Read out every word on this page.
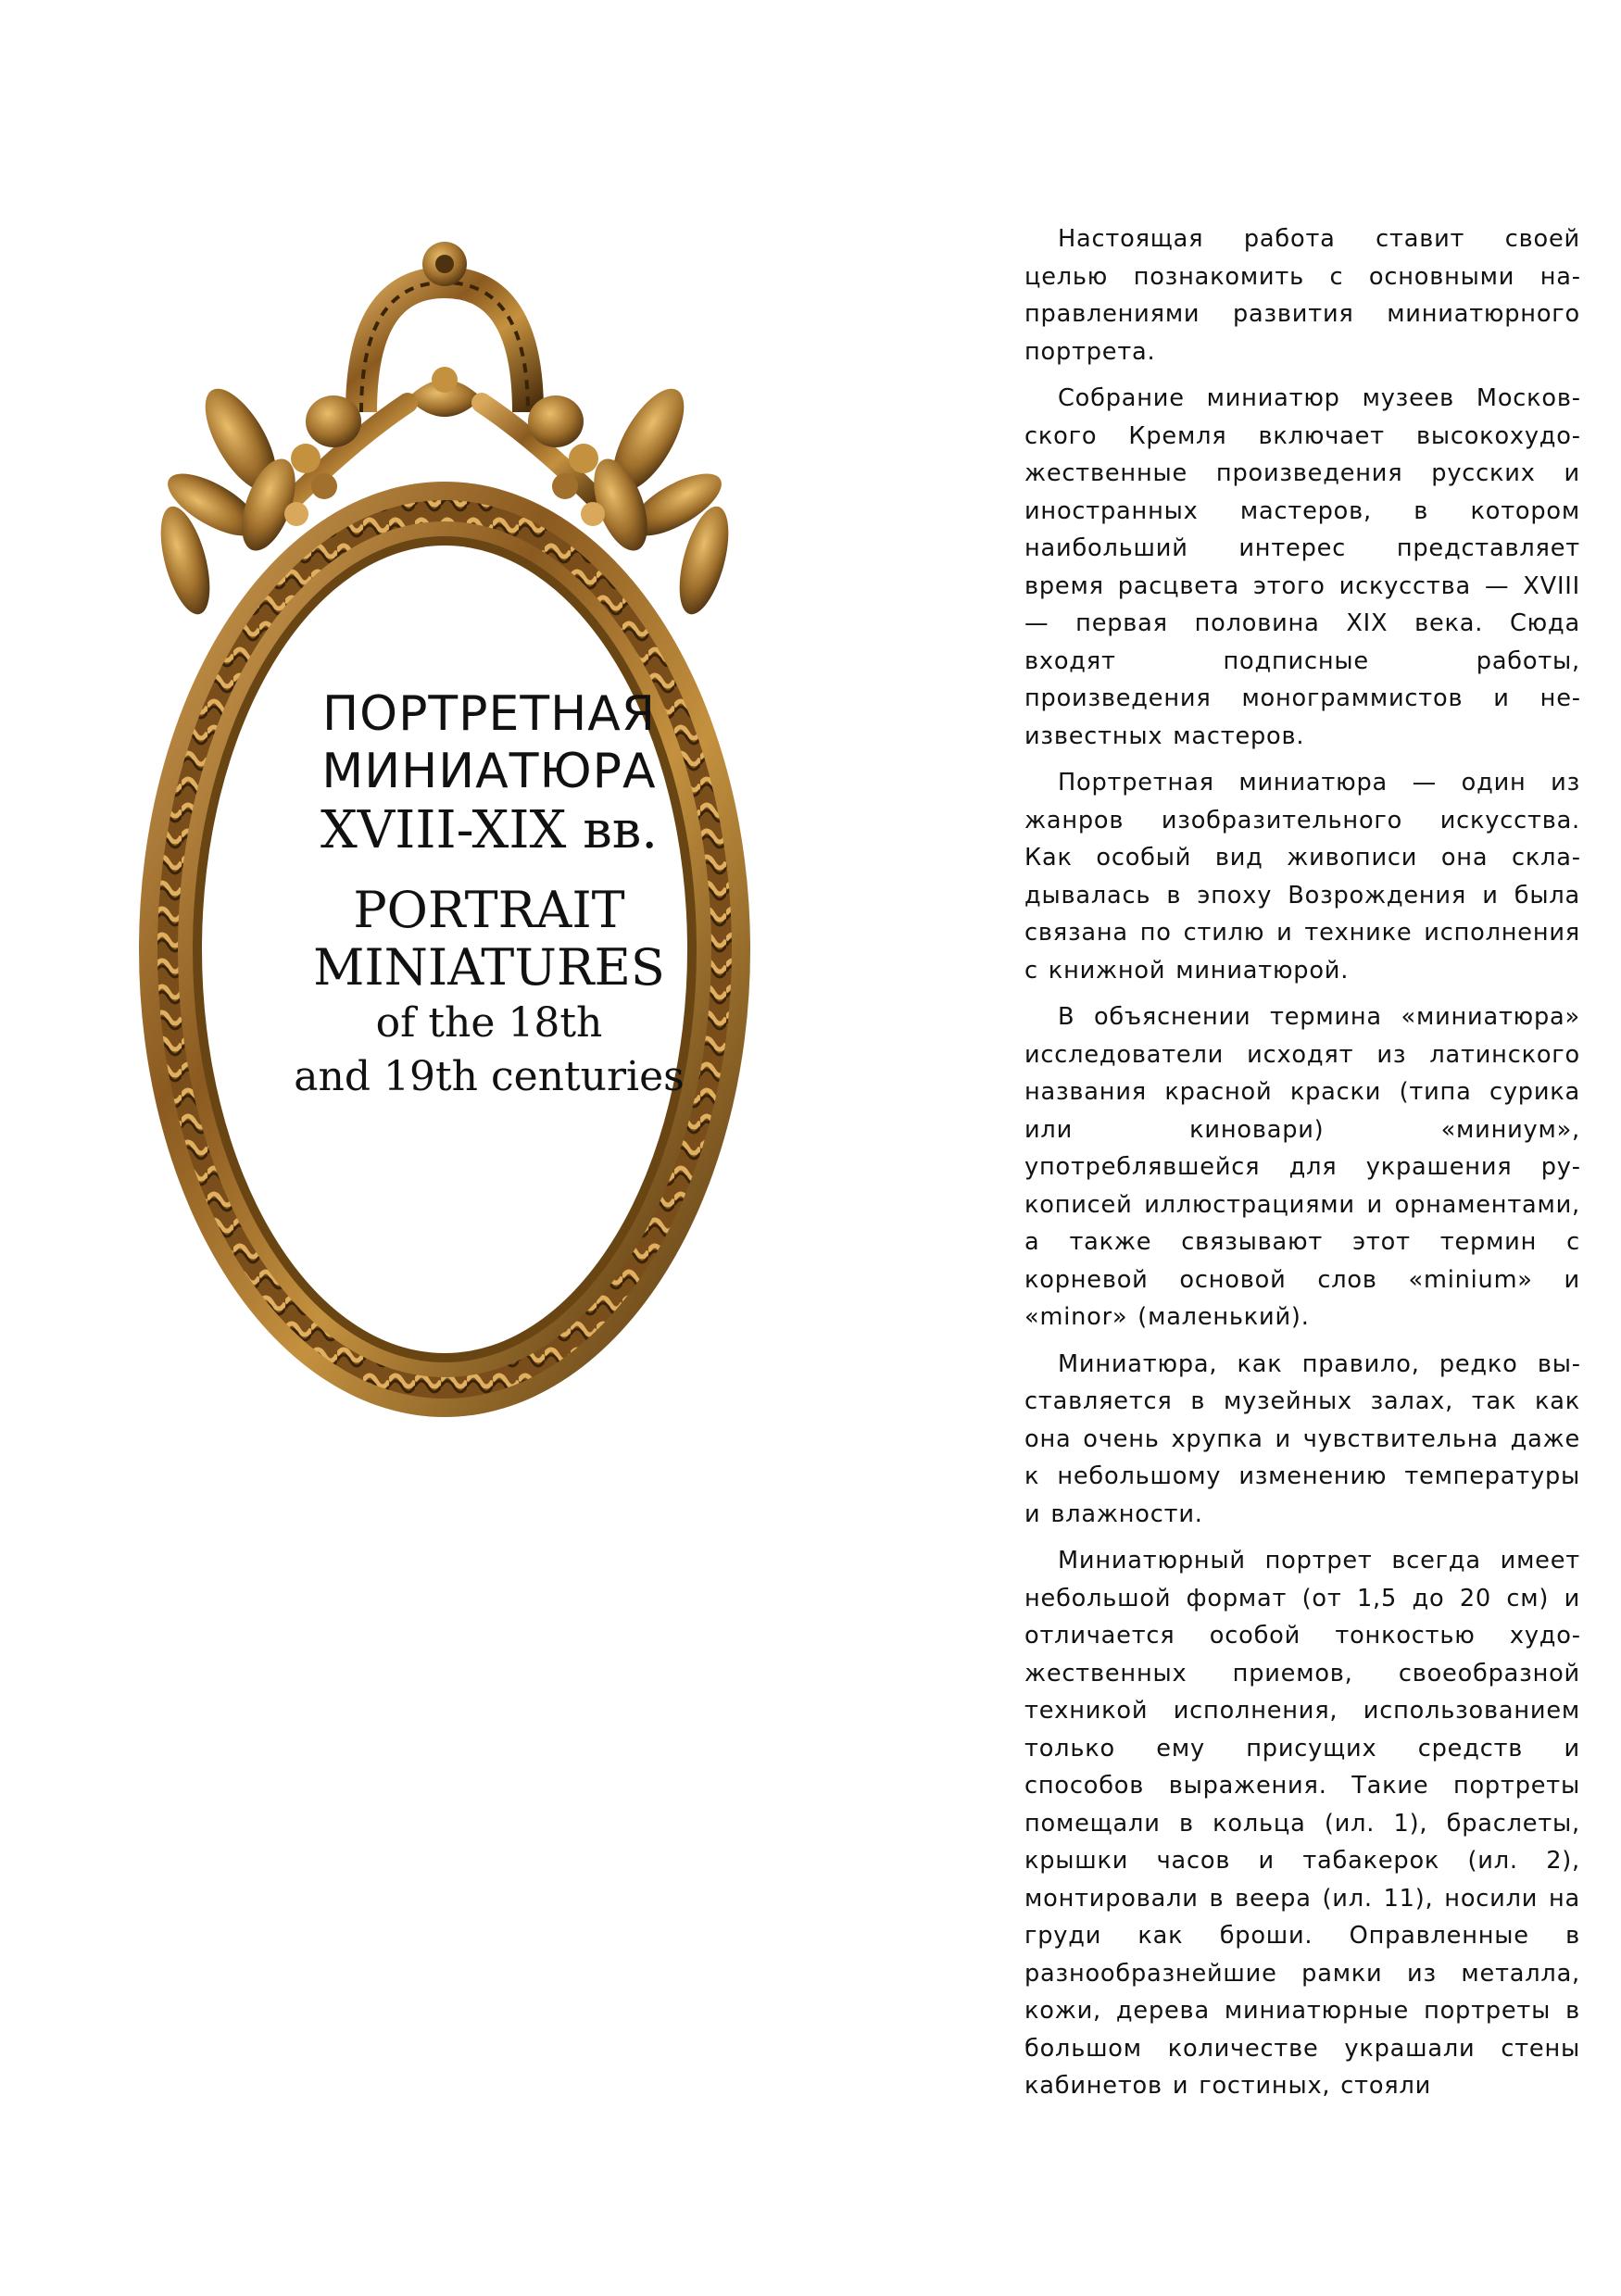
ПОРТРЕТНАЯ

МИНИАТЮРА

XVIII-XIX вв.

PORTRAIT

MINIATURES

of the 18th

and 19th centuries

Настоящая работа ставит своей целью познакомить с основными направлениями развития миниатюрного портрета.

Собрание миниатюр музеев Московского Кремля включает высокохудожественные произведения русских и иностранных мастеров, в котором наибольший интерес представляет время расцвета этого искусства — XVIII — первая половина XIX века. Сюда входят подписные работы, произведения монограммистов и неизвестных мастеров.

Портретная миниатюра — один из жанров изобразительного искусства. Как особый вид живописи она складывалась в эпоху Возрождения и была связана по стилю и технике исполнения с книжной миниатюрой.

В объяснении термина «миниатюра» исследователи исходят из латинского названия красной краски (типа сурика или киновари) «миниум», употреблявшейся для украшения рукописей иллюстрациями и орнаментами, а также связывают этот термин с корневой основой слов «minium» и «minor» (маленький).

Миниатюра, как правило, редко выставляется в музейных залах, так как она очень хрупка и чувствительна даже к небольшому изменению температуры и влажности.

Миниатюрный портрет всегда имеет небольшой формат (от 1,5 до 20 см) и отличается особой тонкостью художественных приемов, своеобразной техникой исполнения, использованием только ему присущих средств и способов выражения. Такие портреты помещали в кольца (ил. 1), браслеты, крышки часов и табакерок (ил. 2), монтировали в веера (ил. 11), носили на груди как броши. Оправленные в разнообразнейшие рамки из металла, кожи, дерева миниатюрные портреты в большом количестве украшали стены кабинетов и гостиных, стояли
